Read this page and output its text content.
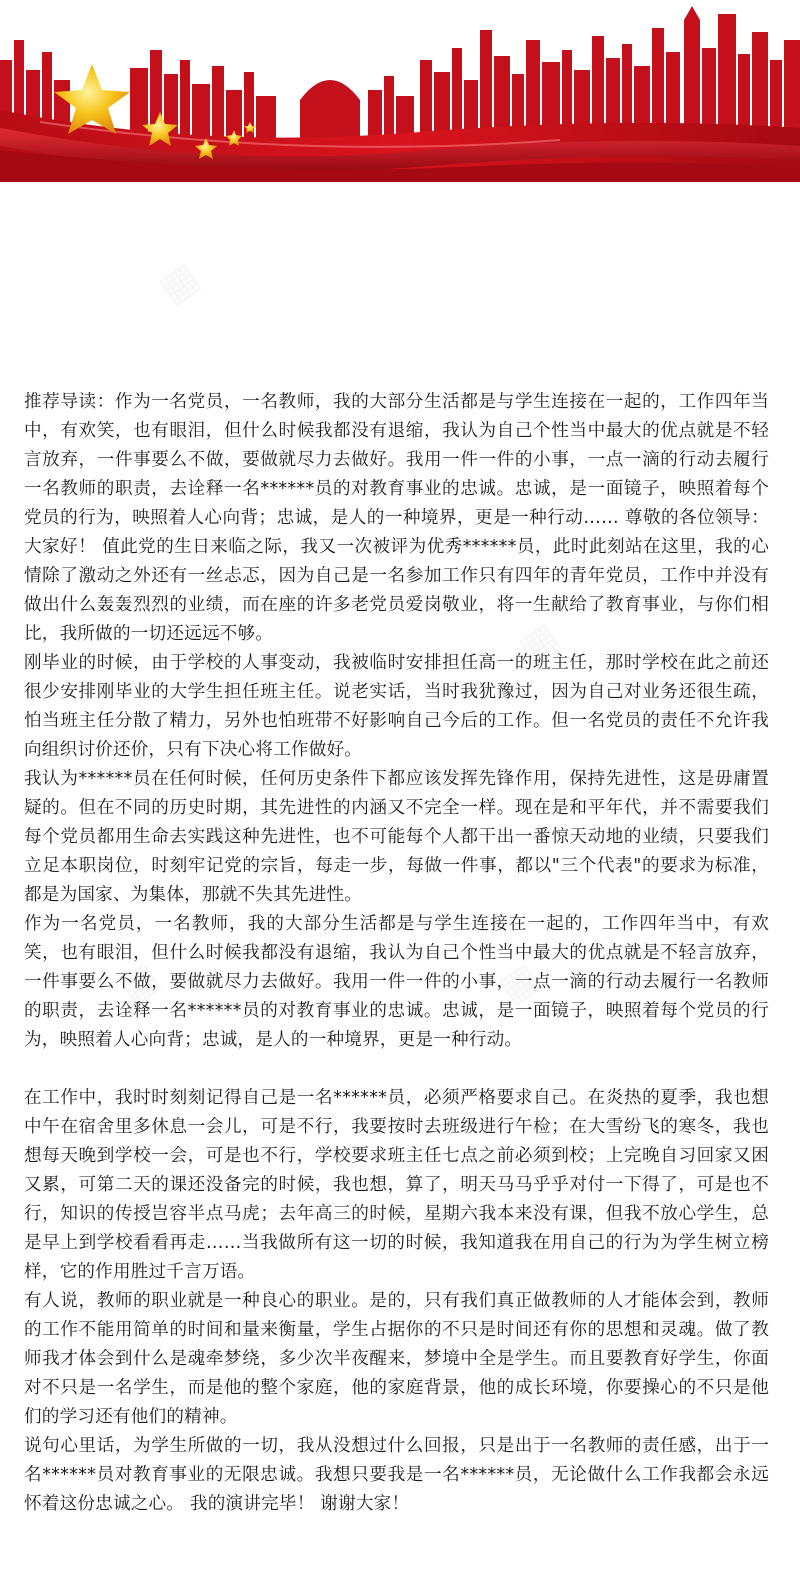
推荐导读：作为一名党员，一名教师，我的大部分生活都是与学生连接在一起的，工作四年当中，有欢笑，也有眼泪，但什么时候我都没有退缩，我认为自己个性当中最大的优点就是不轻言放弃，一件事要么不做，要做就尽力去做好。我用一件一件的小事，一点一滴的行动去履行一名教师的职责，去诠释一名******员的对教育事业的忠诚。忠诚，是一面镜子，映照着每个党员的行为，映照着人心向背；忠诚，是人的一种境界，更是一种行动…… 尊敬的各位领导： 大家好！ 值此党的生日来临之际，我又一次被评为优秀******员，此时此刻站在这里，我的心情除了激动之外还有一丝忐忑，因为自己是一名参加工作只有四年的青年党员，工作中并没有做出什么轰轰烈烈的业绩，而在座的许多老党员爱岗敬业，将一生献给了教育事业，与你们相比，我所做的一切还远远不够。

刚毕业的时候，由于学校的人事变动，我被临时安排担任高一的班主任，那时学校在此之前还很少安排刚毕业的大学生担任班主任。说老实话，当时我犹豫过，因为自己对业务还很生疏，怕当班主任分散了精力，另外也怕班带不好影响自己今后的工作。但一名党员的责任不允许我向组织讨价还价，只有下决心将工作做好。

我认为******员在任何时候，任何历史条件下都应该发挥先锋作用，保持先进性，这是毋庸置疑的。但在不同的历史时期，其先进性的内涵又不完全一样。现在是和平年代，并不需要我们每个党员都用生命去实践这种先进性，也不可能每个人都干出一番惊天动地的业绩，只要我们立足本职岗位，时刻牢记党的宗旨，每走一步，每做一件事，都以"三个代表"的要求为标准，都是为国家、为集体，那就不失其先进性。

作为一名党员，一名教师，我的大部分生活都是与学生连接在一起的，工作四年当中，有欢笑，也有眼泪，但什么时候我都没有退缩，我认为自己个性当中最大的优点就是不轻言放弃，一件事要么不做，要做就尽力去做好。我用一件一件的小事，一点一滴的行动去履行一名教师的职责，去诠释一名******员的对教育事业的忠诚。忠诚，是一面镜子，映照着每个党员的行为，映照着人心向背；忠诚，是人的一种境界，更是一种行动。

在工作中，我时时刻刻记得自己是一名******员，必须严格要求自己。在炎热的夏季，我也想中午在宿舍里多休息一会儿，可是不行，我要按时去班级进行午检；在大雪纷飞的寒冬，我也想每天晚到学校一会，可是也不行，学校要求班主任七点之前必须到校；上完晚自习回家又困又累，可第二天的课还没备完的时候，我也想，算了，明天马马乎乎对付一下得了，可是也不行，知识的传授岂容半点马虎；去年高三的时候，星期六我本来没有课，但我不放心学生，总是早上到学校看看再走……当我做所有这一切的时候，我知道我在用自己的行为为学生树立榜样，它的作用胜过千言万语。

有人说，教师的职业就是一种良心的职业。是的，只有我们真正做教师的人才能体会到，教师的工作不能用简单的时间和量来衡量，学生占据你的不只是时间还有你的思想和灵魂。做了教师我才体会到什么是魂牵梦绕，多少次半夜醒来，梦境中全是学生。而且要教育好学生，你面对不只是一名学生，而是他的整个家庭，他的家庭背景，他的成长环境，你要操心的不只是他们的学习还有他们的精神。

说句心里话，为学生所做的一切，我从没想过什么回报，只是出于一名教师的责任感，出于一名******员对教育事业的无限忠诚。我想只要我是一名******员，无论做什么工作我都会永远怀着这份忠诚之心。 我的演讲完毕！ 谢谢大家！
